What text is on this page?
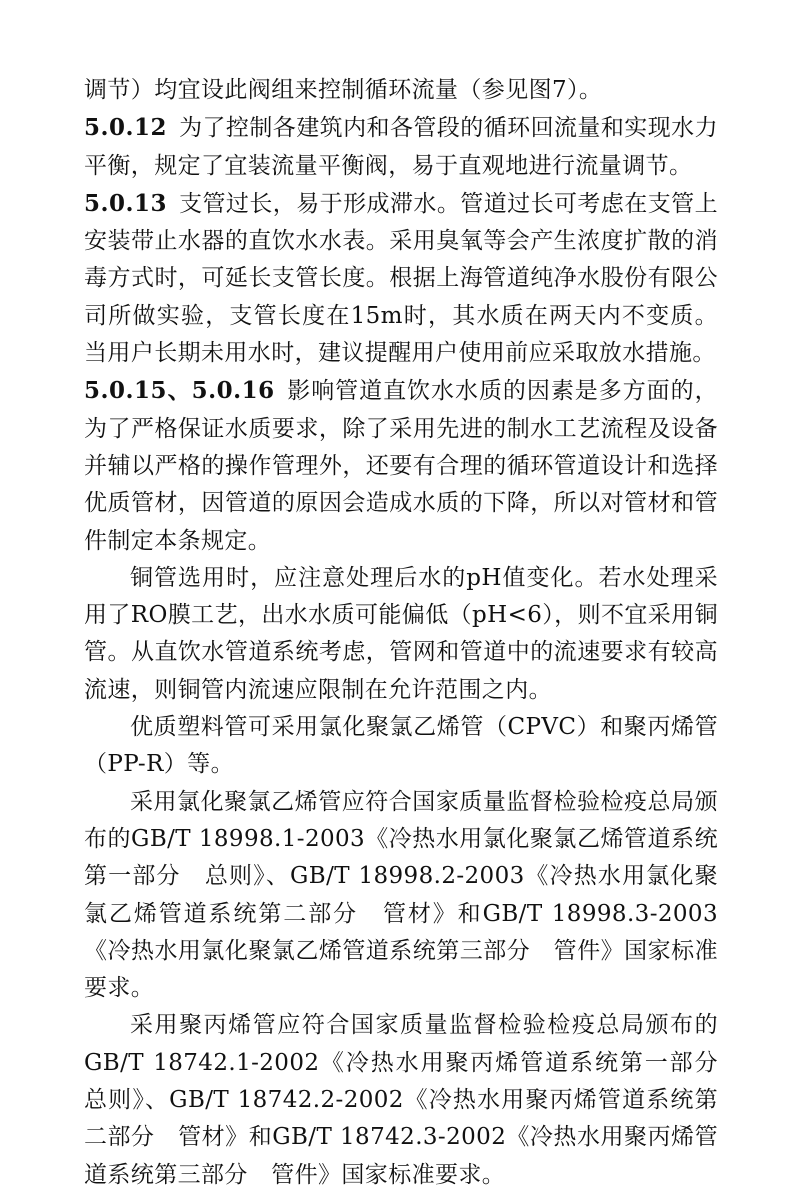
调节）均宜设此阀组来控制循环流量（参见图7）。

5.0.12 为了控制各建筑内和各管段的循环回流量和实现水力平衡，规定了宜装流量平衡阀，易于直观地进行流量调节。

5.0.13 支管过长，易于形成滞水。管道过长可考虑在支管上安装带止水器的直饮水水表。采用臭氧等会产生浓度扩散的消毒方式时，可延长支管长度。根据上海管道纯净水股份有限公司所做实验，支管长度在15m时，其水质在两天内不变质。当用户长期未用水时，建议提醒用户使用前应采取放水措施。

5.0.15、5.0.16 影响管道直饮水水质的因素是多方面的，为了严格保证水质要求，除了采用先进的制水工艺流程及设备并辅以严格的操作管理外，还要有合理的循环管道设计和选择优质管材，因管道的原因会造成水质的下降，所以对管材和管件制定本条规定。

铜管选用时，应注意处理后水的pH值变化。若水处理采用了RO膜工艺，出水水质可能偏低（pH<6），则不宜采用铜管。从直饮水管道系统考虑，管网和管道中的流速要求有较高流速，则铜管内流速应限制在允许范围之内。

优质塑料管可采用氯化聚氯乙烯管（CPVC）和聚丙烯管（PP-R）等。

采用氯化聚氯乙烯管应符合国家质量监督检验检疫总局颁布的GB/T 18998.1-2003《冷热水用氯化聚氯乙烯管道系统第一部分　总则》、GB/T 18998.2-2003《冷热水用氯化聚氯乙烯管道系统第二部分　管材》和GB/T 18998.3-2003《冷热水用氯化聚氯乙烯管道系统第三部分　管件》国家标准要求。

采用聚丙烯管应符合国家质量监督检验检疫总局颁布的GB/T 18742.1-2002《冷热水用聚丙烯管道系统第一部分　总则》、GB/T 18742.2-2002《冷热水用聚丙烯管道系统第二部分　管材》和GB/T 18742.3-2002《冷热水用聚丙烯管道系统第三部分　管件》国家标准要求。
